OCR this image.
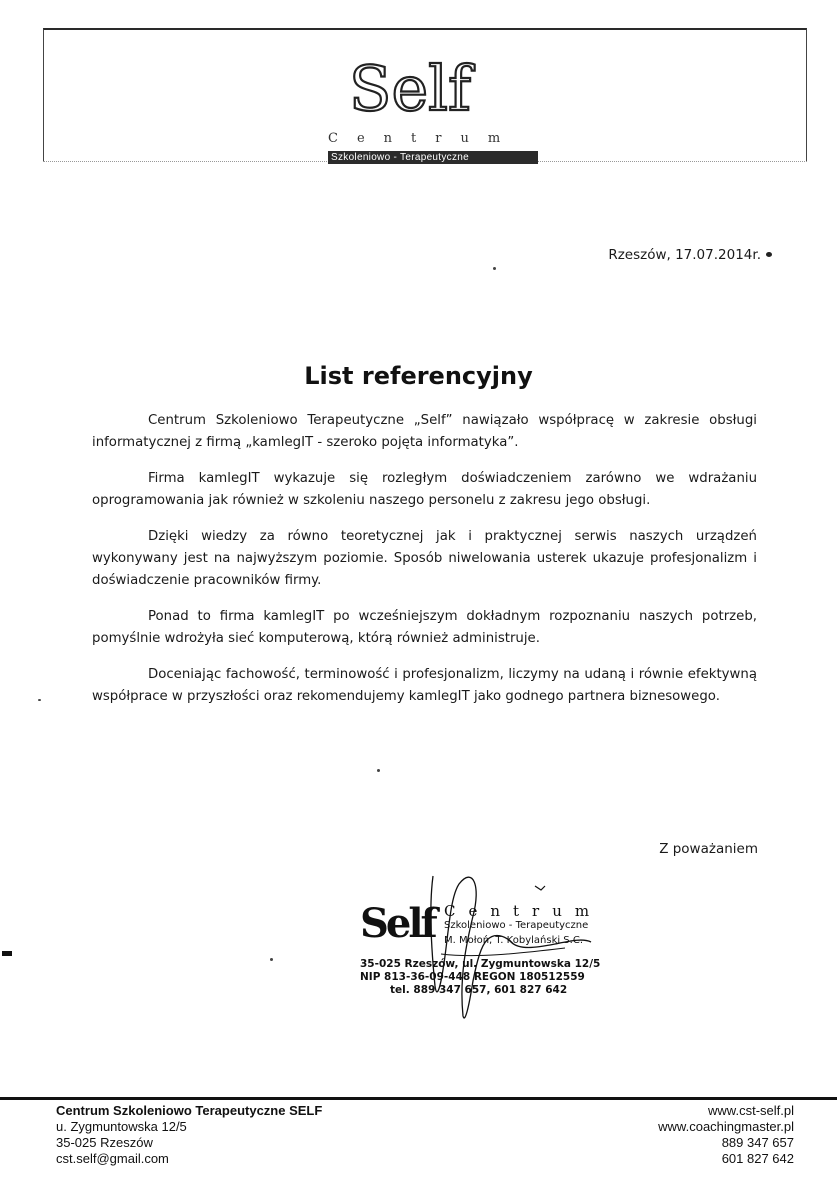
Self
Centrum
Szkoleniowo - Terapeutyczne
Rzeszów, 17.07.2014r.
List referencyjny

Centrum Szkoleniowo Terapeutyczne „Self” nawiązało współpracę w zakresie obsługi informatycznej z firmą „kamlegIT - szeroko pojęta informatyka”.

Firma kamlegIT wykazuje się rozległym doświadczeniem zarówno we wdrażaniu oprogramowania jak również w szkoleniu naszego personelu z zakresu jego obsługi.

Dzięki wiedzy za równo teoretycznej jak i praktycznej serwis naszych urządzeń wykonywany jest na najwyższym poziomie. Sposób niwelowania usterek ukazuje profesjonalizm i doświadczenie pracowników firmy.

Ponad to firma kamlegIT po wcześniejszym dokładnym rozpoznaniu naszych potrzeb, pomyślnie wdrożyła sieć komputerową, którą również administruje.

Doceniając fachowość, terminowość i profesjonalizm, liczymy na udaną i równie efektywną współprace w przyszłości oraz rekomendujemy kamlegIT jako godnego partnera biznesowego.

Z poważaniem
Self Centrum
Szkoleniowo - Terapeutyczne
M. Mołoń, T. Kobylański S.C.
35-025 Rzeszów, ul. Zygmuntowska 12/5
NIP 813-36-09-448 REGON 180512559
tel. 889 347 657, 601 827 642
Centrum Szkoleniowo Terapeutyczne SELF
u. Zygmuntowska 12/5
35-025 Rzeszów
cst.self@gmail.com
www.cst-self.pl
www.coachingmaster.pl
889 347 657
601 827 642
